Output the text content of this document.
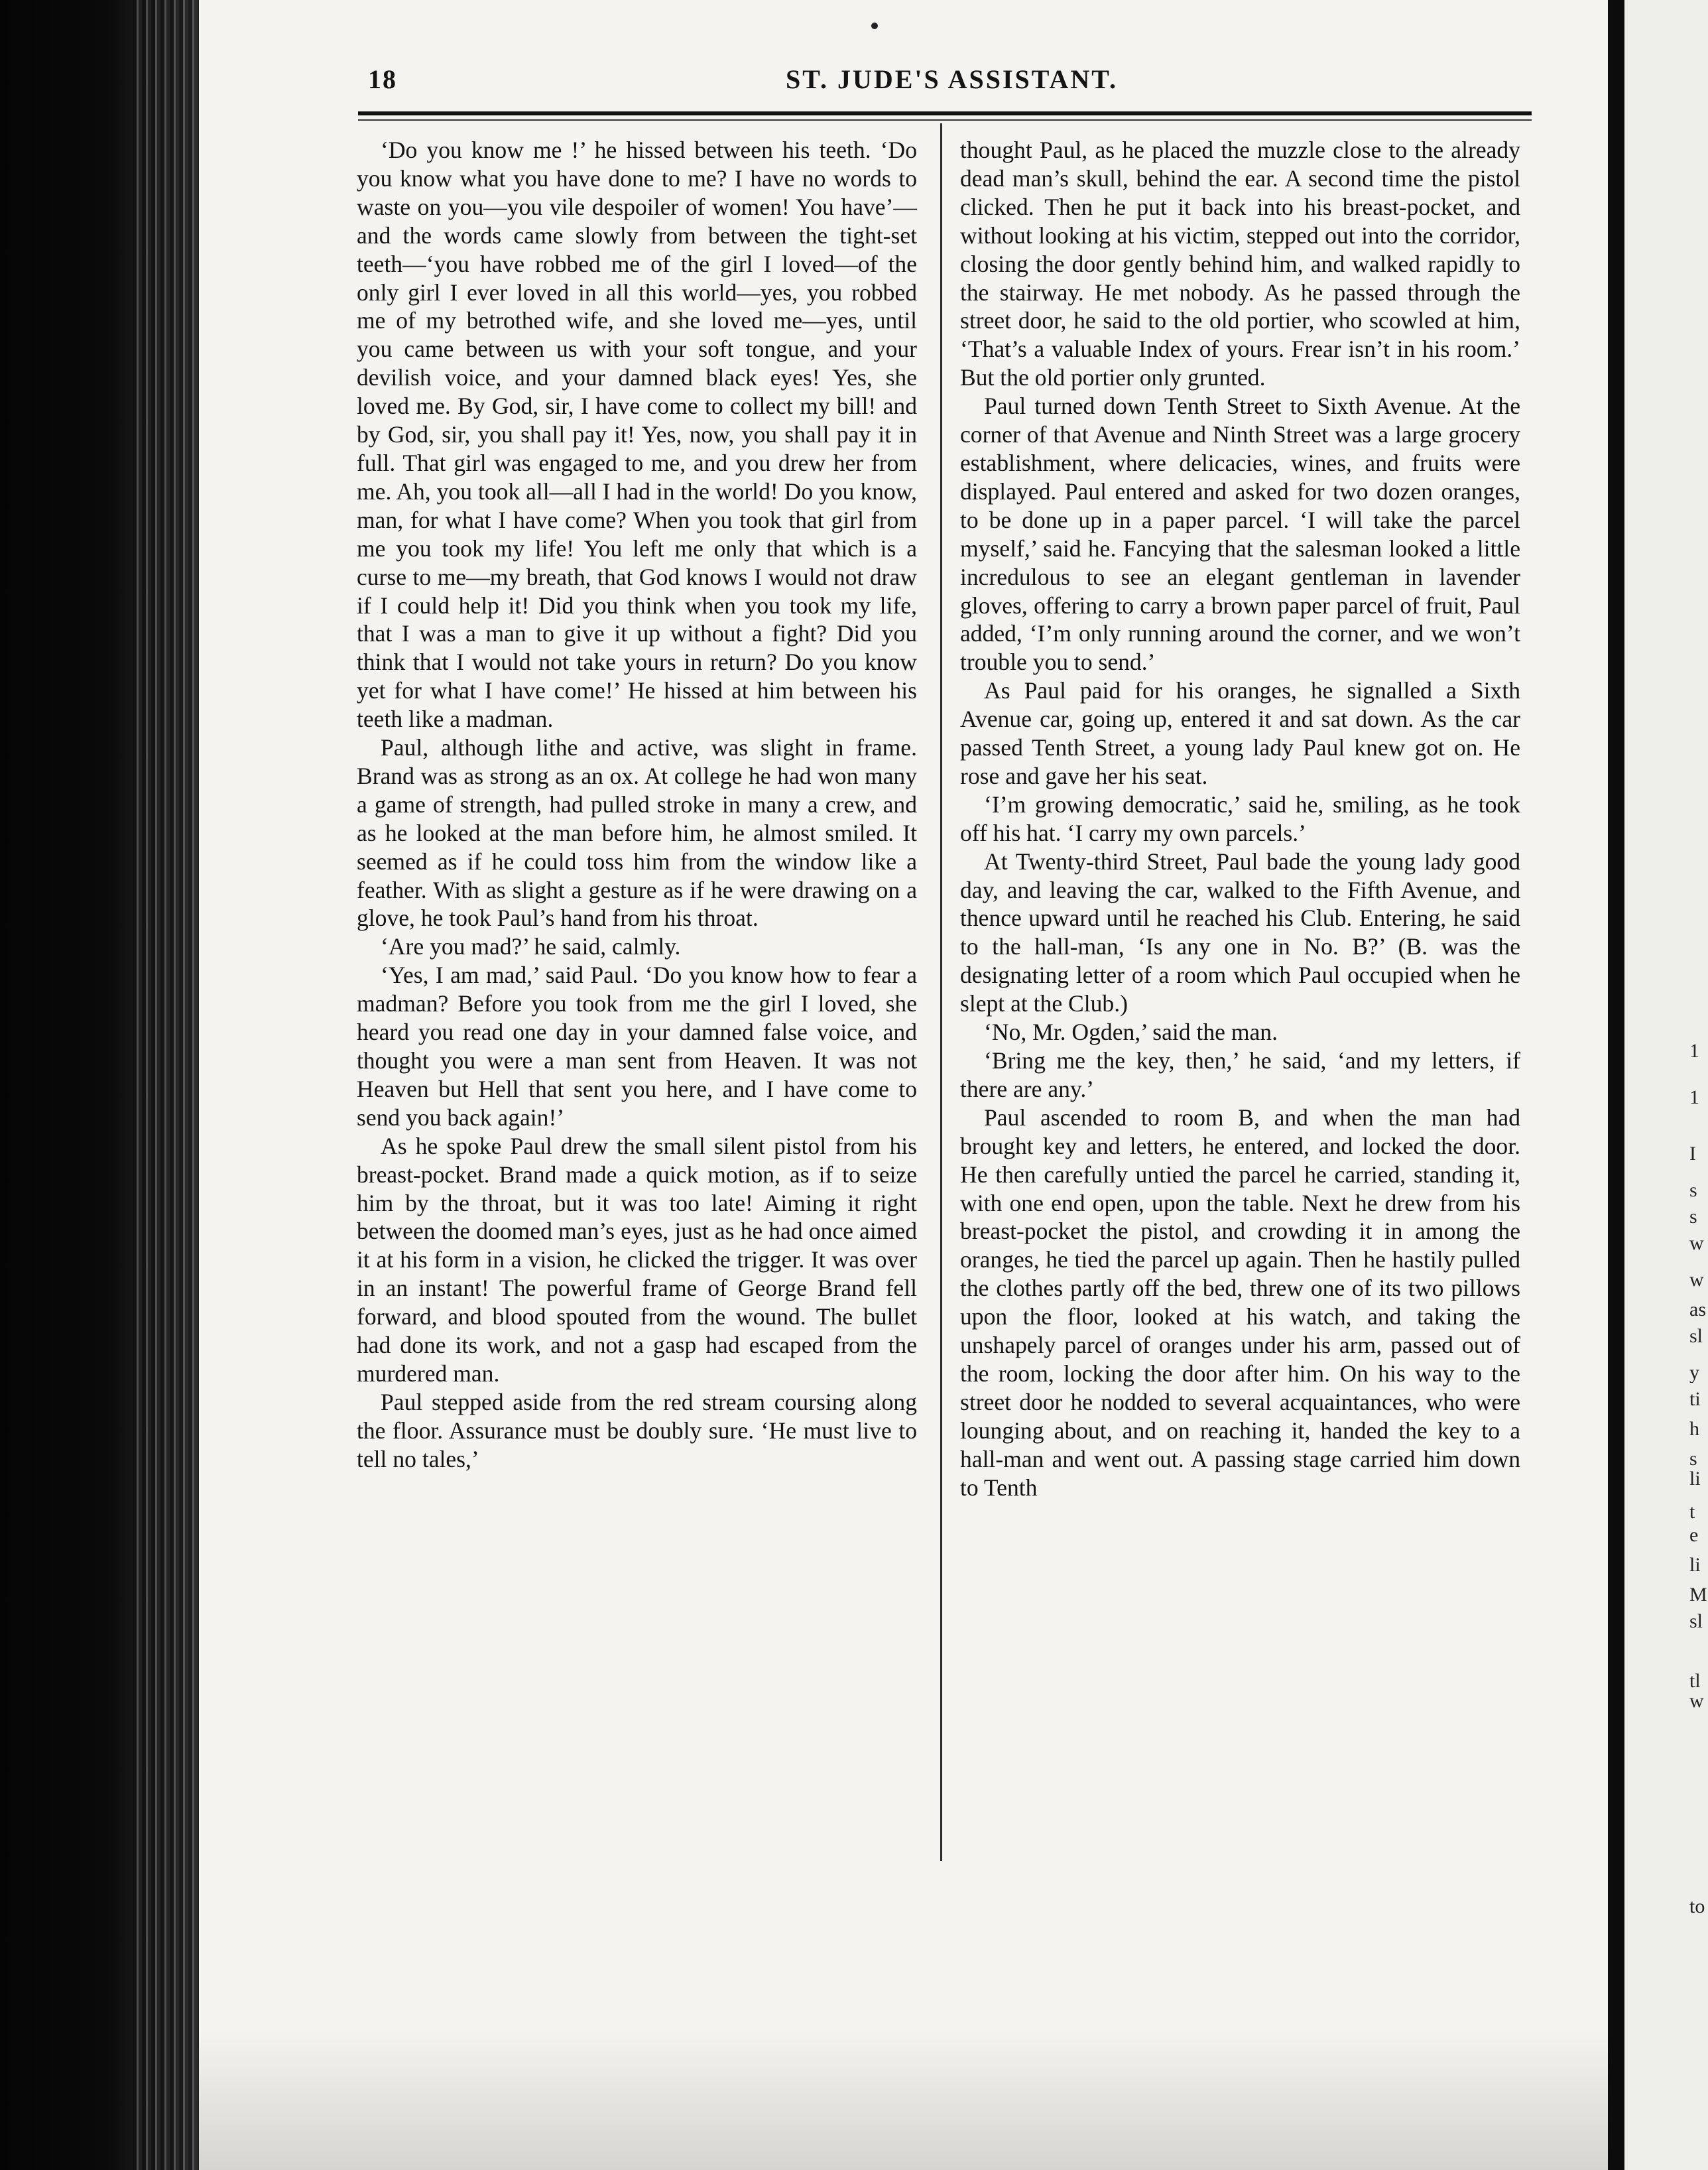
1
1
I
s
s
w
w
as
sl
y
ti
h
s
li
t
e
li
M
sl
tl
w
to
18	ST. JUDE'S ASSISTANT.

‘Do you know me !’ he hissed between his teeth. ‘Do you know what you have done to me? I have no words to waste on you—you vile despoiler of women! You have’—and the words came slowly from between the tight-set teeth—‘you have robbed me of the girl I loved—of the only girl I ever loved in all this world—yes, you robbed me of my betrothed wife, and she loved me—yes, until you came between us with your soft tongue, and your devilish voice, and your damned black eyes! Yes, she loved me. By God, sir, I have come to collect my bill! and by God, sir, you shall pay it! Yes, now, you shall pay it in full. That girl was engaged to me, and you drew her from me. Ah, you took all—all I had in the world! Do you know, man, for what I have come? When you took that girl from me you took my life! You left me only that which is a curse to me—my breath, that God knows I would not draw if I could help it! Did you think when you took my life, that I was a man to give it up without a fight? Did you think that I would not take yours in return? Do you know yet for what I have come!’ He hissed at him between his teeth like a madman.

Paul, although lithe and active, was slight in frame. Brand was as strong as an ox. At college he had won many a game of strength, had pulled stroke in many a crew, and as he looked at the man before him, he almost smiled. It seemed as if he could toss him from the window like a feather. With as slight a gesture as if he were drawing on a glove, he took Paul’s hand from his throat.

‘Are you mad?’ he said, calmly.

‘Yes, I am mad,’ said Paul. ‘Do you know how to fear a madman? Before you took from me the girl I loved, she heard you read one day in your damned false voice, and thought you were a man sent from Heaven. It was not Heaven but Hell that sent you here, and I have come to send you back again!’

As he spoke Paul drew the small silent pistol from his breast-pocket. Brand made a quick motion, as if to seize him by the throat, but it was too late! Aiming it right between the doomed man’s eyes, just as he had once aimed it at his form in a vision, he clicked the trigger. It was over in an instant! The powerful frame of George Brand fell forward, and blood spouted from the wound. The bullet had done its work, and not a gasp had escaped from the murdered man.

Paul stepped aside from the red stream coursing along the floor. Assurance must be doubly sure. ‘He must live to tell no tales,’

thought Paul, as he placed the muzzle close to the already dead man’s skull, behind the ear. A second time the pistol clicked. Then he put it back into his breast-pocket, and without looking at his victim, stepped out into the corridor, closing the door gently behind him, and walked rapidly to the stairway. He met nobody. As he passed through the street door, he said to the old portier, who scowled at him, ‘That’s a valuable Index of yours. Frear isn’t in his room.’ But the old portier only grunted.

Paul turned down Tenth Street to Sixth Avenue. At the corner of that Avenue and Ninth Street was a large grocery establishment, where delicacies, wines, and fruits were displayed. Paul entered and asked for two dozen oranges, to be done up in a paper parcel. ‘I will take the parcel myself,’ said he. Fancying that the salesman looked a little incredulous to see an elegant gentleman in lavender gloves, offering to carry a brown paper parcel of fruit, Paul added, ‘I’m only running around the corner, and we won’t trouble you to send.’

As Paul paid for his oranges, he signalled a Sixth Avenue car, going up, entered it and sat down. As the car passed Tenth Street, a young lady Paul knew got on. He rose and gave her his seat.

‘I’m growing democratic,’ said he, smiling, as he took off his hat. ‘I carry my own parcels.’

At Twenty-third Street, Paul bade the young lady good day, and leaving the car, walked to the Fifth Avenue, and thence upward until he reached his Club. Entering, he said to the hall-man, ‘Is any one in No. B?’ (B. was the designating letter of a room which Paul occupied when he slept at the Club.)

‘No, Mr. Ogden,’ said the man.

‘Bring me the key, then,’ he said, ‘and my letters, if there are any.’

Paul ascended to room B, and when the man had brought key and letters, he entered, and locked the door. He then carefully untied the parcel he carried, standing it, with one end open, upon the table. Next he drew from his breast-pocket the pistol, and crowding it in among the oranges, he tied the parcel up again. Then he hastily pulled the clothes partly off the bed, threw one of its two pillows upon the floor, looked at his watch, and taking the unshapely parcel of oranges under his arm, passed out of the room, locking the door after him. On his way to the street door he nodded to several acquaintances, who were lounging about, and on reaching it, handed the key to a hall-man and went out. A passing stage carried him down to Tenth
